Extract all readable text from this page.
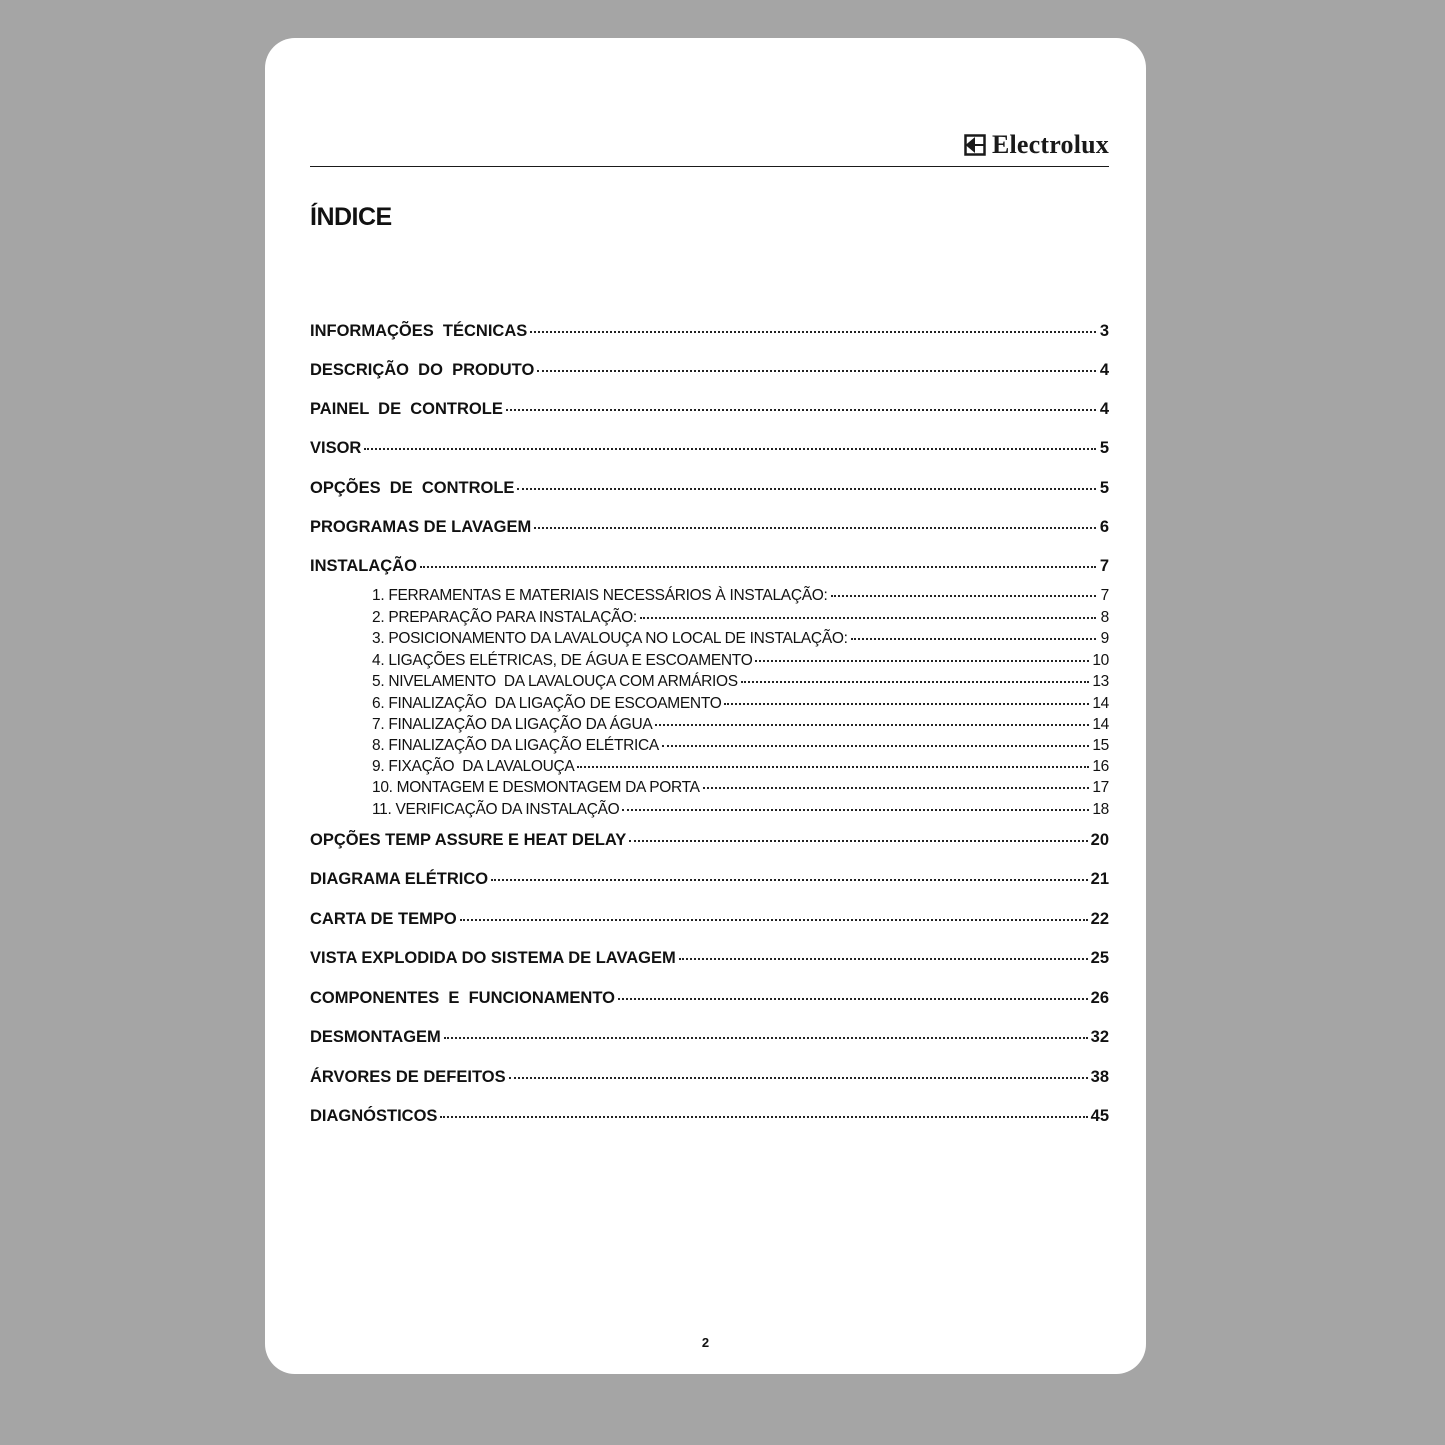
Electrolux
ÍNDICE
INFORMAÇÕES  TÉCNICAS	3
DESCRIÇÃO  DO  PRODUTO	4
PAINEL  DE  CONTROLE	4
VISOR	5
OPÇÕES  DE  CONTROLE	5
PROGRAMAS DE LAVAGEM	6
INSTALAÇÃO	7
1. FERRAMENTAS E MATERIAIS NECESSÁRIOS À INSTALAÇÃO:	7
2. PREPARAÇÃO PARA INSTALAÇÃO:	8
3. POSICIONAMENTO DA LAVALOUÇA NO LOCAL DE INSTALAÇÃO:	9
4. LIGAÇÕES ELÉTRICAS, DE ÁGUA E ESCOAMENTO	10
5. NIVELAMENTO  DA LAVALOUÇA COM ARMÁRIOS	13
6. FINALIZAÇÃO  DA LIGAÇÃO DE ESCOAMENTO	14
7. FINALIZAÇÃO DA LIGAÇÃO DA ÁGUA	14
8. FINALIZAÇÃO DA LIGAÇÃO ELÉTRICA	15
9. FIXAÇÃO  DA LAVALOUÇA	16
10. MONTAGEM E DESMONTAGEM DA PORTA	17
11. VERIFICAÇÃO DA INSTALAÇÃO	18
OPÇÕES TEMP ASSURE E HEAT DELAY	20
DIAGRAMA ELÉTRICO	21
CARTA DE TEMPO	22
VISTA EXPLODIDA DO SISTEMA DE LAVAGEM	25
COMPONENTES  E  FUNCIONAMENTO	26
DESMONTAGEM	32
ÁRVORES DE DEFEITOS	38
DIAGNÓSTICOS	45
2
